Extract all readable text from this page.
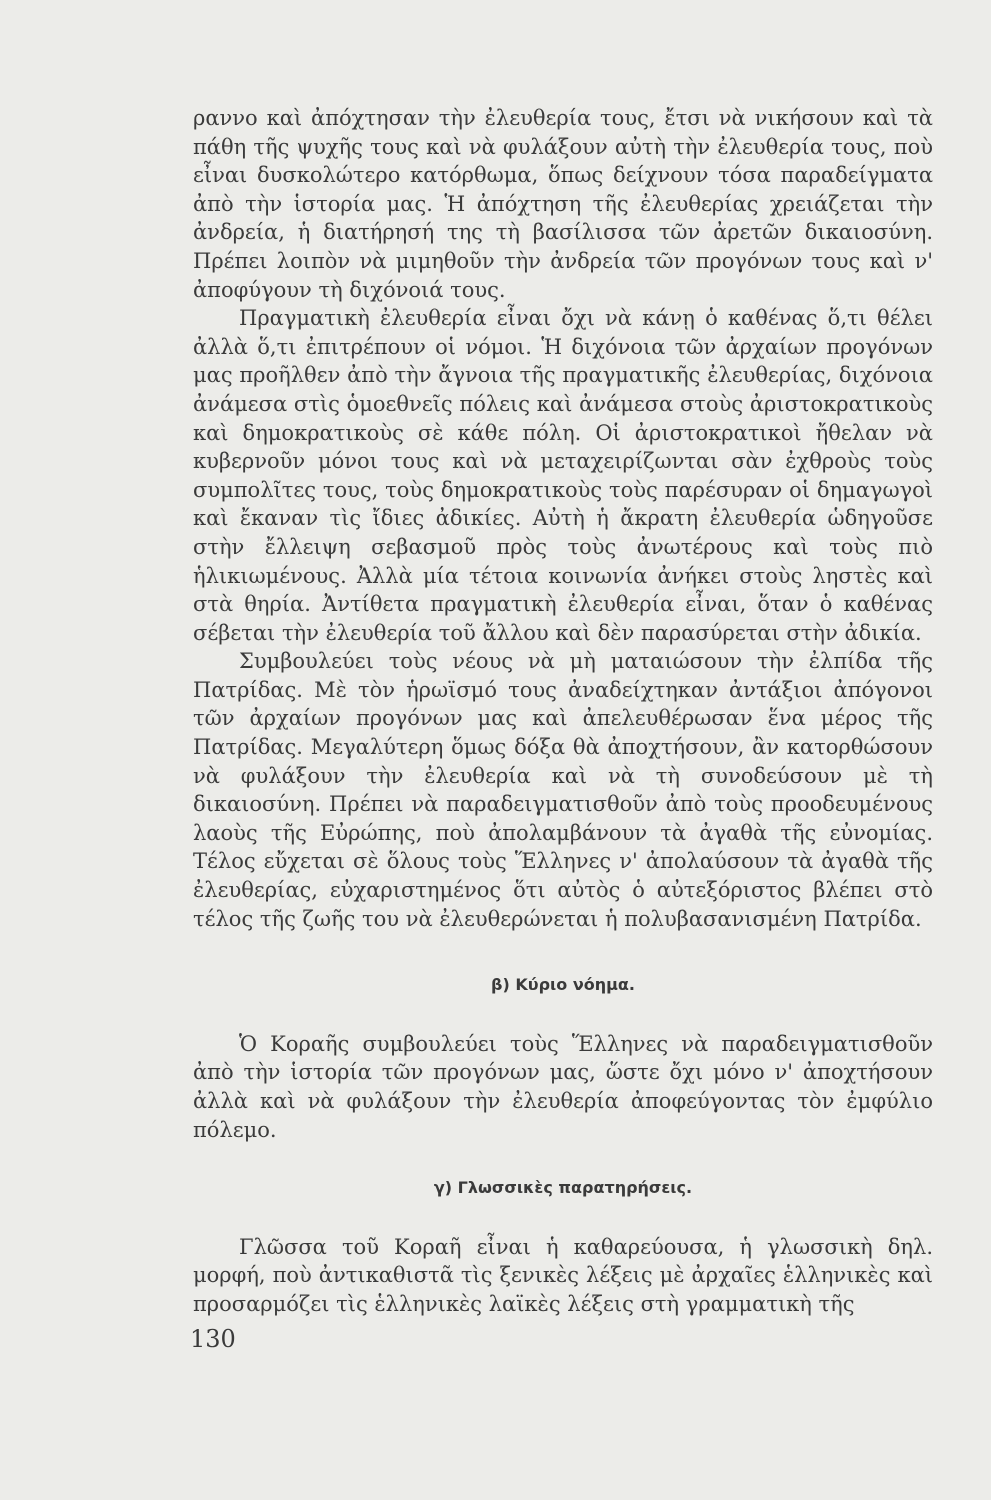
ραννο καὶ ἀπόχτησαν τὴν ἐλευθερία τους, ἔτσι νὰ νικήσουν καὶ τὰ πάθη τῆς ψυχῆς τους καὶ νὰ φυλάξουν αὐτὴ τὴν ἐλευθερία τους, ποὺ εἶναι δυσκολώτερο κατόρθωμα, ὅπως δείχνουν τόσα παραδείγματα ἀπὸ τὴν ἱστορία μας. Ἡ ἀπόχτηση τῆς ἐλευθερίας χρειάζεται τὴν ἀνδρεία, ἡ διατήρησή της τὴ βασίλισσα τῶν ἀρετῶν δικαιοσύνη. Πρέπει λοιπὸν νὰ μιμηθοῦν τὴν ἀνδρεία τῶν προγόνων τους καὶ ν' ἀποφύγουν τὴ διχόνοιά τους.

Πραγματικὴ ἐλευθερία εἶναι ὄχι νὰ κάνῃ ὁ καθένας ὅ,τι θέλει ἀλλὰ ὅ,τι ἐπιτρέπουν οἱ νόμοι. Ἡ διχόνοια τῶν ἀρχαίων προγόνων μας προῆλθεν ἀπὸ τὴν ἄγνοια τῆς πραγματικῆς ἐλευθερίας, διχόνοια ἀνάμεσα στὶς ὁμοεθνεῖς πόλεις καὶ ἀνάμεσα στοὺς ἀριστοκρατικοὺς καὶ δημοκρατικοὺς σὲ κάθε πόλη. Οἱ ἀριστοκρατικοὶ ἤθελαν νὰ κυβερνοῦν μόνοι τους καὶ νὰ μεταχειρίζωνται σὰν ἐχθροὺς τοὺς συμπολῖτες τους, τοὺς δημοκρατικοὺς τοὺς παρέσυραν οἱ δημαγωγοὶ καὶ ἔκαναν τὶς ἴδιες ἀδικίες. Αὐτὴ ἡ ἄκρατη ἐλευθερία ὡδηγοῦσε στὴν ἔλλειψη σεβασμοῦ πρὸς τοὺς ἀνωτέρους καὶ τοὺς πιὸ ἡλικιωμένους. Ἀλλὰ μία τέτοια κοινωνία ἀνήκει στοὺς ληστὲς καὶ στὰ θηρία. Ἀντίθετα πραγματικὴ ἐλευθερία εἶναι, ὅταν ὁ καθένας σέβεται τὴν ἐλευθερία τοῦ ἄλλου καὶ δὲν παρασύρεται στὴν ἀδικία.

Συμβουλεύει τοὺς νέους νὰ μὴ ματαιώσουν τὴν ἐλπίδα τῆς Πατρίδας. Μὲ τὸν ἡρωϊσμό τους ἀναδείχτηκαν ἀντάξιοι ἀπόγονοι τῶν ἀρχαίων προγόνων μας καὶ ἀπελευθέρωσαν ἕνα μέρος τῆς Πατρίδας. Μεγαλύτερη ὅμως δόξα θὰ ἀποχτήσουν, ἂν κατορθώσουν νὰ φυλάξουν τὴν ἐλευθερία καὶ νὰ τὴ συνοδεύσουν μὲ τὴ δικαιοσύνη. Πρέπει νὰ παραδειγματισθοῦν ἀπὸ τοὺς προοδευμένους λαοὺς τῆς Εὐρώπης, ποὺ ἀπολαμβάνουν τὰ ἀγαθὰ τῆς εὐνομίας. Τέλος εὔχεται σὲ ὅλους τοὺς Ἕλληνες ν' ἀπολαύσουν τὰ ἀγαθὰ τῆς ἐλευθερίας, εὐχαριστημένος ὅτι αὐτὸς ὁ αὐτεξόριστος βλέπει στὸ τέλος τῆς ζωῆς του νὰ ἐλευθερώνεται ἡ πολυβασανισμένη Πατρίδα.

β) Κύριο νόημα.

Ὁ Κοραῆς συμβουλεύει τοὺς Ἕλληνες νὰ παραδειγματισθοῦν ἀπὸ τὴν ἱστορία τῶν προγόνων μας, ὥστε ὄχι μόνο ν' ἀποχτήσουν ἀλλὰ καὶ νὰ φυλάξουν τὴν ἐλευθερία ἀποφεύγοντας τὸν ἐμφύλιο πόλεμο.

γ) Γλωσσικὲς παρατηρήσεις.

Γλῶσσα τοῦ Κοραῆ εἶναι ἡ καθαρεύουσα, ἡ γλωσσικὴ δηλ. μορφή, ποὺ ἀντικαθιστᾶ τὶς ξενικὲς λέξεις μὲ ἀρχαῖες ἑλληνικὲς καὶ προσαρμόζει τὶς ἑλληνικὲς λαϊκὲς λέξεις στὴ γραμματικὴ τῆς

130
